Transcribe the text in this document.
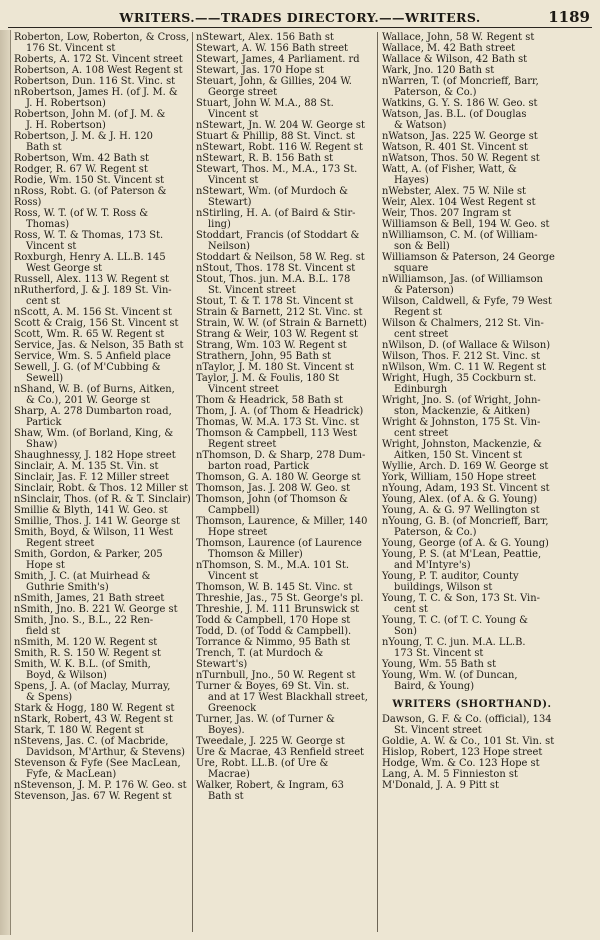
WRITERS.——TRADES DIRECTORY.——WRITERS.	1189
Roberton, Low, Roberton, & Cross,
176 St. Vincent st
Roberts, A. 172 St. Vincent street
Robertson, A. 108 West Regent st
Robertson, Dun. 116 St. Vinc. st
nRobertson, James H. (of J. M. &
J. H. Robertson)
Robertson, John M. (of J. M. &
J. H. Robertson)
Robertson, J. M. & J. H. 120
Bath st
Robertson, Wm. 42 Bath st
Rodger, R. 67 W. Regent st
Rodie, Wm. 150 St. Vincent st
nRoss, Robt. G. (of Paterson & Ross)
Ross, W. T. (of W. T. Ross &
Thomas)
Ross, W. T. & Thomas, 173 St.
Vincent st
Roxburgh, Henry A. LL.B. 145
West George st
Russell, Alex. 113 W. Regent st
nRutherford, J. & J. 189 St. Vin-
cent st
nScott, A. M. 156 St. Vincent st
Scott & Craig, 156 St. Vincent st
Scott, Wm. R. 65 W. Regent st
Service, Jas. & Nelson, 35 Bath st
Service, Wm. S. 5 Anfield place
Sewell, J. G. (of M'Cubbing &
Sewell)
nShand, W. B. (of Burns, Aitken,
& Co.), 201 W. George st
Sharp, A. 278 Dumbarton road,
Partick
Shaw, Wm. (of Borland, King, &
Shaw)
Shaughnessy, J. 182 Hope street
Sinclair, A. M. 135 St. Vin. st
Sinclair, Jas. F. 12 Miller street
Sinclair, Robt. & Thos. 12 Miller st
nSinclair, Thos. (of R. & T. Sinclair)
Smillie & Blyth, 141 W. Geo. st
Smillie, Thos. J. 141 W. George st
Smith, Boyd, & Wilson, 11 West
Regent street
Smith, Gordon, & Parker, 205
Hope st
Smith, J. C. (at Muirhead &
Guthrie Smith's)
nSmith, James, 21 Bath street
nSmith, Jno. B. 221 W. George st
Smith, Jno. S., B.L., 22 Ren-
field st
nSmith, M. 120 W. Regent st
Smith, R. S. 150 W. Regent st
Smith, W. K. B.L. (of Smith,
Boyd, & Wilson)
Spens, J. A. (of Maclay, Murray,
& Spens)
Stark & Hogg, 180 W. Regent st
nStark, Robert, 43 W. Regent st
Stark, T. 180 W. Regent st
nStevens, Jas. C. (of Macbride,
Davidson, M'Arthur, & Stevens)
Stevenson & Fyfe (See MacLean,
Fyfe, & MacLean)
nStevenson, J. M. P. 176 W. Geo. st
Stevenson, Jas. 67 W. Regent st
nStewart, Alex. 156 Bath st
Stewart, A. W. 156 Bath street
Stewart, James, 4 Parliament. rd
Stewart, Jas. 170 Hope st
Steuart, John, & Gillies, 204 W.
George street
Stuart, John W. M.A., 88 St.
Vincent st
nStewart, Jn. W. 204 W. George st
Stuart & Phillip, 88 St. Vinct. st
nStewart, Robt. 116 W. Regent st
nStewart, R. B. 156 Bath st
Stewart, Thos. M., M.A., 173 St.
Vincent st
nStewart, Wm. (of Murdoch &
Stewart)
nStirling, H. A. (of Baird & Stir-
ling)
Stoddart, Francis (of Stoddart &
Neilson)
Stoddart & Neilson, 58 W. Reg. st
nStout, Thos. 178 St. Vincent st
Stout, Thos. jun. M.A. B.L. 178
St. Vincent street
Stout, T. & T. 178 St. Vincent st
Strain & Barnett, 212 St. Vinc. st
Strain, W. W. (of Strain & Barnett)
Strang & Weir, 103 W. Regent st
Strang, Wm. 103 W. Regent st
Strathern, John, 95 Bath st
nTaylor, J. M. 180 St. Vincent st
Taylor, J. M. & Foulis, 180 St
Vincent street
Thom & Headrick, 58 Bath st
Thom, J. A. (of Thom & Headrick)
Thomas, W. M.A. 173 St. Vinc. st
Thomson & Campbell, 113 West
Regent street
nThomson, D. & Sharp, 278 Dum-
barton road, Partick
Thomson, G. A. 180 W. George st
Thomson, Jas. J. 208 W. Geo. st
Thomson, John (of Thomson &
Campbell)
Thomson, Laurence, & Miller, 140
Hope street
Thomson, Laurence (of Laurence
Thomson & Miller)
nThomson, S. M., M.A. 101 St.
Vincent st
Thomson, W. B. 145 St. Vinc. st
Threshie, Jas., 75 St. George's pl.
Threshie, J. M. 111 Brunswick st
Todd & Campbell, 170 Hope st
Todd, D. (of Todd & Campbell).
Torrance & Nimmo, 95 Bath st
Trench, T. (at Murdoch & Stewart's)
nTurnbull, Jno., 50 W. Regent st
Turner & Boyes, 69 St. Vin. st.
and at 17 West Blackhall street,
Greenock
Turner, Jas. W. (of Turner &
Boyes).
Tweedale, J. 225 W. George st
Ure & Macrae, 43 Renfield street
Ure, Robt. LL.B. (of Ure &
Macrae)
Walker, Robert, & Ingram, 63
Bath st
Wallace, John, 58 W. Regent st
Wallace, M. 42 Bath street
Wallace & Wilson, 42 Bath st
Wark, Jno. 120 Bath st
nWarren, T. (of Moncrieff, Barr,
Paterson, & Co.)
Watkins, G. Y. S. 186 W. Geo. st
Watson, Jas. B.L. (of Douglas
& Watson)
nWatson, Jas. 225 W. George st
Watson, R. 401 St. Vincent st
nWatson, Thos. 50 W. Regent st
Watt, A. (of Fisher, Watt, &
Hayes)
nWebster, Alex. 75 W. Nile st
Weir, Alex. 104 West Regent st
Weir, Thos. 207 Ingram st
Williamson & Bell, 194 W. Geo. st
nWilliamson, C. M. (of William-
son & Bell)
Williamson & Paterson, 24 George
square
nWilliamson, Jas. (of Williamson
& Paterson)
Wilson, Caldwell, & Fyfe, 79 West
Regent st
Wilson & Chalmers, 212 St. Vin-
cent street
nWilson, D. (of Wallace & Wilson)
Wilson, Thos. F. 212 St. Vinc. st
nWilson, Wm. C. 11 W. Regent st
Wright, Hugh, 35 Cockburn st.
Edinburgh
Wright, Jno. S. (of Wright, John-
ston, Mackenzie, & Aitken)
Wright & Johnston, 175 St. Vin-
cent street
Wright, Johnston, Mackenzie, &
Aitken, 150 St. Vincent st
Wyllie, Arch. D. 169 W. George st
York, William, 150 Hope street
nYoung, Adam, 193 St. Vincent st
Young, Alex. (of A. & G. Young)
Young, A. & G. 97 Wellington st
nYoung, G. B. (of Moncrieff, Barr,
Paterson, & Co.)
Young, George (of A. & G. Young)
Young, P. S. (at M'Lean, Peattie,
and M'Intyre's)
Young, P. T. auditor, County
buildings, Wilson st
Young, T. C. & Son, 173 St. Vin-
cent st
Young, T. C. (of T. C. Young &
Son)
nYoung, T. C. jun. M.A. LL.B.
173 St. Vincent st
Young, Wm. 55 Bath st
Young, Wm. W. (of Duncan,
Baird, & Young)
WRITERS (SHORTHAND).
Dawson, G. F. & Co. (official), 134
St. Vincent street
Goldie, A. W. & Co., 101 St. Vin. st
Hislop, Robert, 123 Hope street
Hodge, Wm. & Co. 123 Hope st
Lang, A. M. 5 Finnieston st
M'Donald, J. A. 9 Pitt st
